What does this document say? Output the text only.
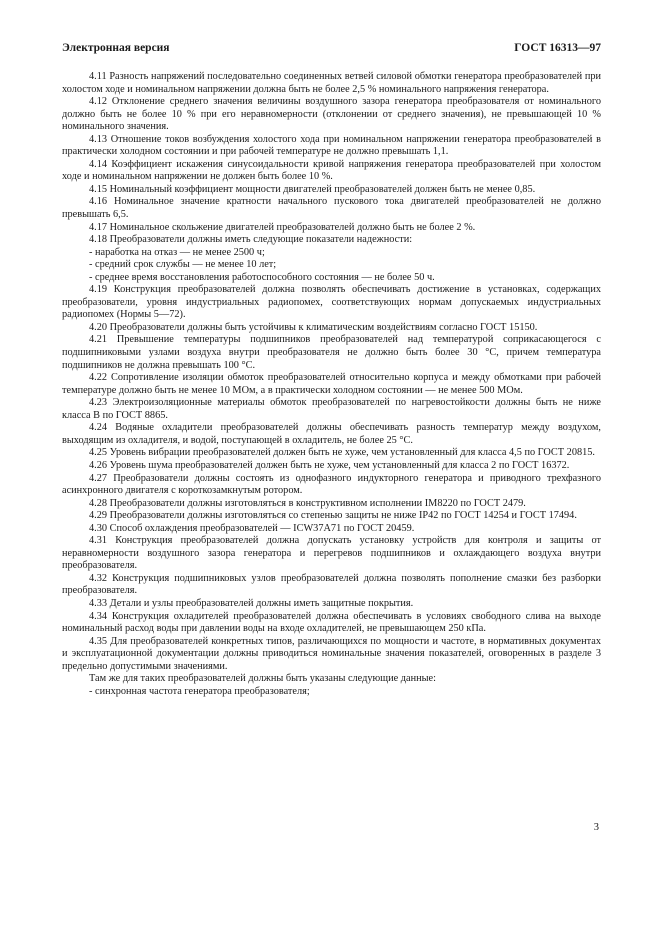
Электронная версия	ГОСТ 16313—97

4.11 Разность напряжений последовательно соединенных ветвей силовой обмотки генератора преобразователей при холостом ходе и номинальном напряжении должна быть не более 2,5 % номинального напряжения генератора.

4.12 Отклонение среднего значения величины воздушного зазора генератора преобразователя от номинального должно быть не более 10 % при его неравномерности (отклонении от среднего значения), не превышающей 10 % номинального значения.

4.13 Отношение токов возбуждения холостого хода при номинальном напряжении генератора преобразователей в практически холодном состоянии и при рабочей температуре не должно превышать 1,1.

4.14 Коэффициент искажения синусоидальности кривой напряжения генератора преобразователей при холостом ходе и номинальном напряжении не должен быть более 10 %.

4.15 Номинальный коэффициент мощности двигателей преобразователей должен быть не менее 0,85.

4.16 Номинальное значение кратности начального пускового тока двигателей преобразователей не должно превышать 6,5.

4.17 Номинальное скольжение двигателей преобразователей должно быть не более 2 %.

4.18 Преобразователи должны иметь следующие показатели надежности:

- наработка на отказ — не менее 2500 ч;

- средний срок службы — не менее 10 лет;

- среднее время восстановления работоспособного состояния — не более 50 ч.

4.19 Конструкция преобразователей должна позволять обеспечивать достижение в установках, содержащих преобразователи, уровня индустриальных радиопомех, соответствующих нормам допускаемых индустриальных радиопомех (Нормы 5—72).

4.20 Преобразователи должны быть устойчивы к климатическим воздействиям согласно ГОСТ 15150.

4.21 Превышение температуры подшипников преобразователей над температурой соприкасающегося с подшипниковыми узлами воздуха внутри преобразователя не должно быть более 30 °С, причем температура подшипников не должна превышать 100 °С.

4.22 Сопротивление изоляции обмоток преобразователей относительно корпуса и между обмотками при рабочей температуре должно быть не менее 10 МОм, а в практически холодном состоянии — не менее 500 МОм.

4.23 Электроизоляционные материалы обмоток преобразователей по нагревостойкости должны быть не ниже класса В по ГОСТ 8865.

4.24 Водяные охладители преобразователей должны обеспечивать разность температур между воздухом, выходящим из охладителя, и водой, поступающей в охладитель, не более 25 °С.

4.25 Уровень вибрации преобразователей должен быть не хуже, чем установленный для класса 4,5 по ГОСТ 20815.

4.26 Уровень шума преобразователей должен быть не хуже, чем установленный для класса 2 по ГОСТ 16372.

4.27 Преобразователи должны состоять из однофазного индукторного генератора и приводного трехфазного асинхронного двигателя с короткозамкнутым ротором.

4.28 Преобразователи должны изготовляться в конструктивном исполнении IM8220 по ГОСТ 2479.

4.29 Преобразователи должны изготовляться со степенью защиты не ниже IP42 по ГОСТ 14254 и ГОСТ 17494.

4.30 Способ охлаждения преобразователей — ICW37A71 по ГОСТ 20459.

4.31 Конструкция преобразователей должна допускать установку устройств для контроля и защиты от неравномерности воздушного зазора генератора и перегревов подшипников и охлаждающего воздуха внутри преобразователя.

4.32 Конструкция подшипниковых узлов преобразователей должна позволять пополнение смазки без разборки преобразователя.

4.33 Детали и узлы преобразователей должны иметь защитные покрытия.

4.34 Конструкция охладителей преобразователей должна обеспечивать в условиях свободного слива на выходе номинальный расход воды при давлении воды на входе охладителей, не превышающем 250 кПа.

4.35 Для преобразователей конкретных типов, различающихся по мощности и частоте, в нормативных документах и эксплуатационной документации должны приводиться номинальные значения показателей, оговоренных в разделе 3 предельно допустимыми значениями.

Там же для таких преобразователей должны быть указаны следующие данные:

- синхронная частота генератора преобразователя;

3
